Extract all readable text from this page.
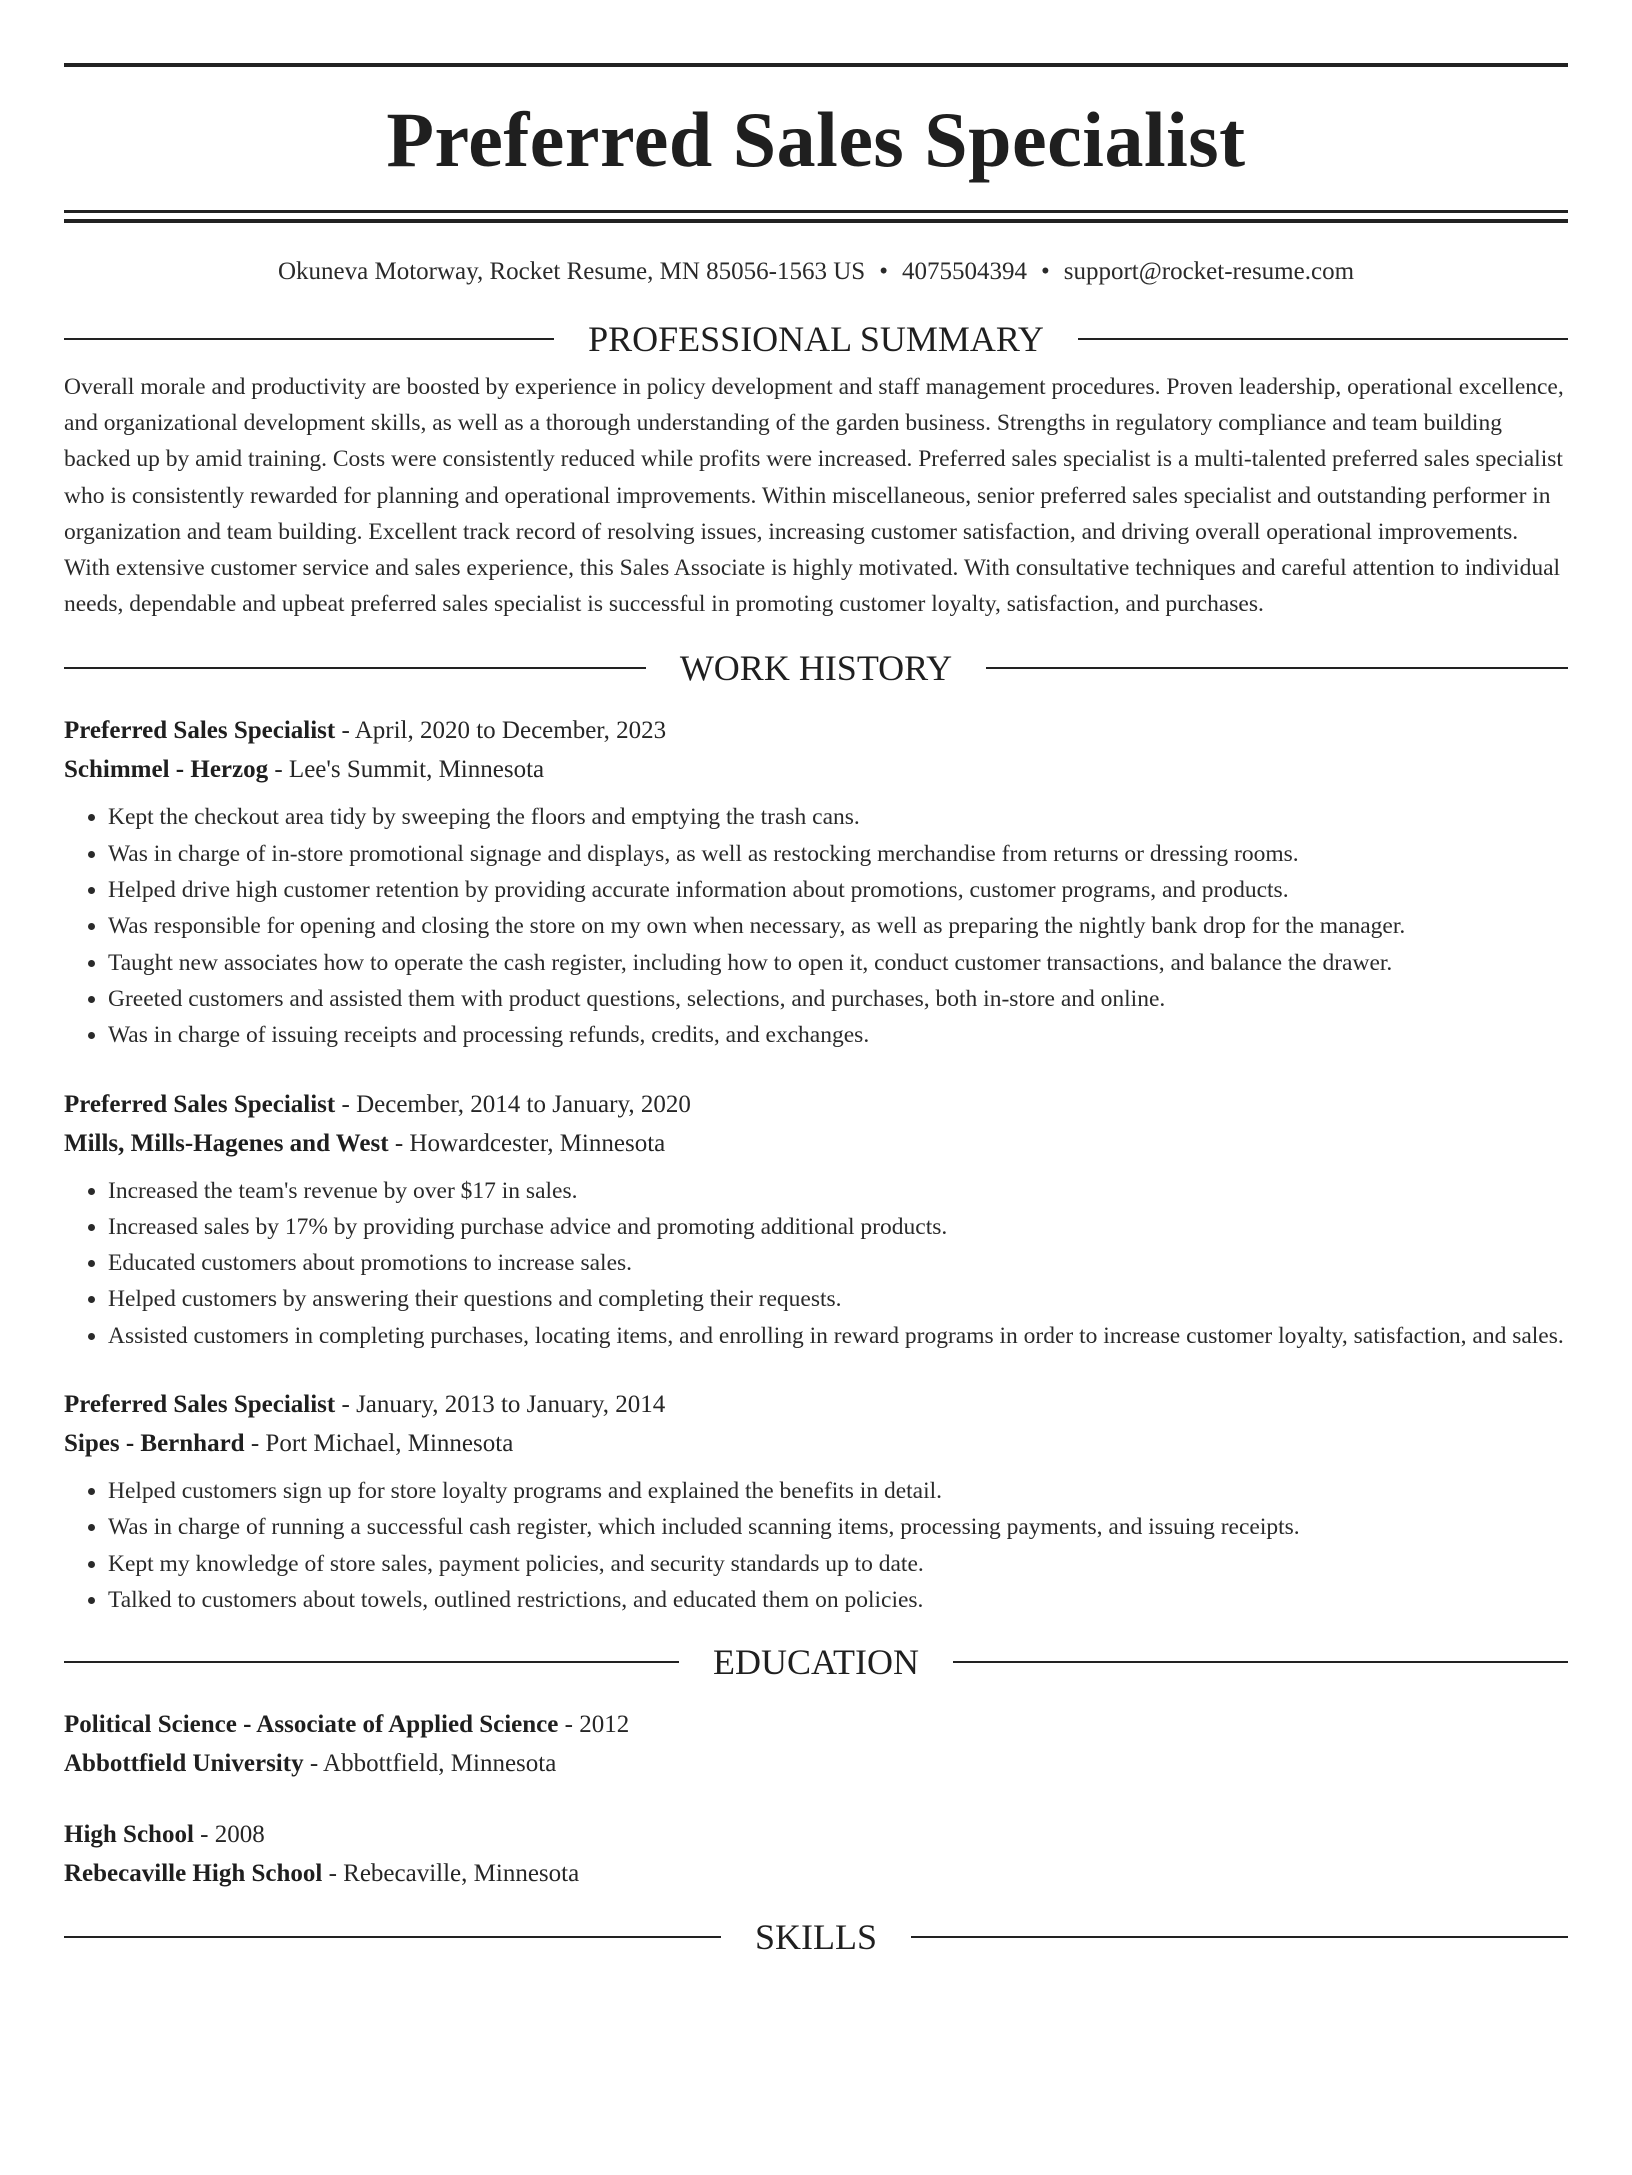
Preferred Sales Specialist
Okuneva Motorway, Rocket Resume, MN 85056-1563 US • 4075504394 • support@rocket-resume.com
PROFESSIONAL SUMMARY

Overall morale and productivity are boosted by experience in policy development and staff management procedures. Proven leadership, operational excellence, and organizational development skills, as well as a thorough understanding of the garden business. Strengths in regulatory compliance and team building backed up by amid training. Costs were consistently reduced while profits were increased. Preferred sales specialist is a multi-talented preferred sales specialist who is consistently rewarded for planning and operational improvements. Within miscellaneous, senior preferred sales specialist and outstanding performer in organization and team building. Excellent track record of resolving issues, increasing customer satisfaction, and driving overall operational improvements. With extensive customer service and sales experience, this Sales Associate is highly motivated. With consultative techniques and careful attention to individual needs, dependable and upbeat preferred sales specialist is successful in promoting customer loyalty, satisfaction, and purchases.

WORK HISTORY

Preferred Sales Specialist - April, 2020 to December, 2023

Schimmel - Herzog - Lee's Summit, Minnesota

• Kept the checkout area tidy by sweeping the floors and emptying the trash cans.
• Was in charge of in-store promotional signage and displays, as well as restocking merchandise from returns or dressing rooms.
• Helped drive high customer retention by providing accurate information about promotions, customer programs, and products.
• Was responsible for opening and closing the store on my own when necessary, as well as preparing the nightly bank drop for the manager.
• Taught new associates how to operate the cash register, including how to open it, conduct customer transactions, and balance the drawer.
• Greeted customers and assisted them with product questions, selections, and purchases, both in-store and online.
• Was in charge of issuing receipts and processing refunds, credits, and exchanges.

Preferred Sales Specialist - December, 2014 to January, 2020

Mills, Mills-Hagenes and West - Howardcester, Minnesota

• Increased the team's revenue by over $17 in sales.
• Increased sales by 17% by providing purchase advice and promoting additional products.
• Educated customers about promotions to increase sales.
• Helped customers by answering their questions and completing their requests.
• Assisted customers in completing purchases, locating items, and enrolling in reward programs in order to increase customer loyalty, satisfaction, and sales.

Preferred Sales Specialist - January, 2013 to January, 2014

Sipes - Bernhard - Port Michael, Minnesota

• Helped customers sign up for store loyalty programs and explained the benefits in detail.
• Was in charge of running a successful cash register, which included scanning items, processing payments, and issuing receipts.
• Kept my knowledge of store sales, payment policies, and security standards up to date.
• Talked to customers about towels, outlined restrictions, and educated them on policies.
EDUCATION

Political Science - Associate of Applied Science - 2012

Abbottfield University - Abbottfield, Minnesota

High School - 2008

Rebecaville High School - Rebecaville, Minnesota

SKILLS
